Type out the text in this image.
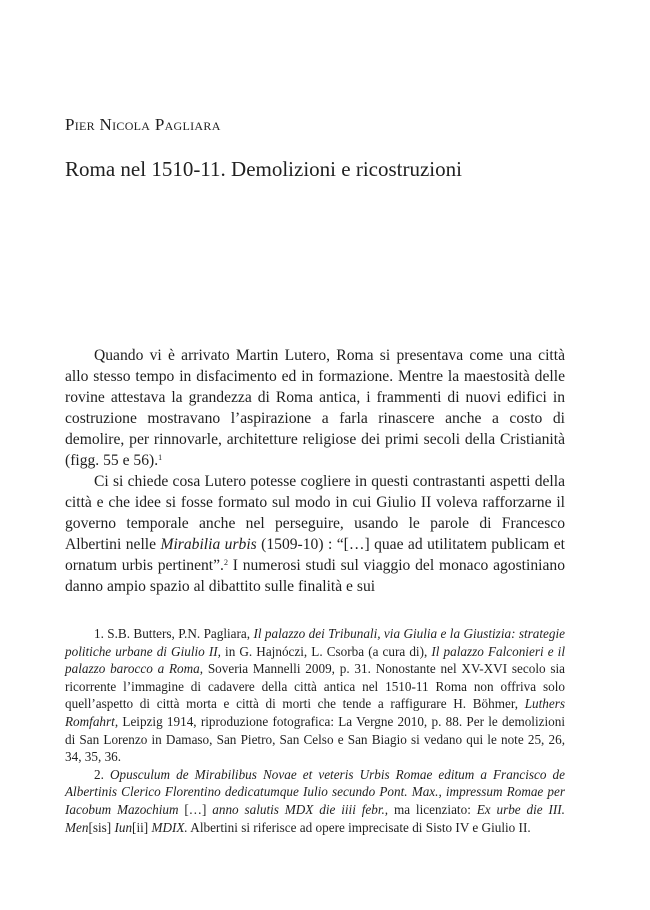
Pier Nicola Pagliara
Roma nel 1510-11. Demolizioni e ricostruzioni

Quando vi è arrivato Martin Lutero, Roma si presentava come una città allo stesso tempo in disfacimento ed in formazione. Mentre la maestosità delle rovine attestava la grandezza di Roma antica, i frammenti di nuovi edifici in costruzione mostravano l’aspirazione a farla rinascere anche a costo di demolire, per rinnovarle, architetture religiose dei primi secoli della Cristianità (figg. 55 e 56).$^1$

Ci si chiede cosa Lutero potesse cogliere in questi contrastanti aspetti della città e che idee si fosse formato sul modo in cui Giulio II voleva rafforzarne il governo temporale anche nel perseguire, usando le parole di Francesco Albertini nelle Mirabilia urbis (1509-10) : “[…] quae ad utilitatem publicam et ornatum urbis pertinent”.$^2$ I numerosi studi sul viaggio del monaco agostiniano danno ampio spazio al dibattito sulle finalità e sui

1. S.B. Butters, P.N. Pagliara, Il palazzo dei Tribunali, via Giulia e la Giustizia: strategie politiche urbane di Giulio II, in G. Hajnóczi, L. Csorba (a cura di), Il palazzo Falconieri e il palazzo barocco a Roma, Soveria Mannelli 2009, p. 31. Nonostante nel XV-XVI secolo sia ricorrente l’immagine di cadavere della città antica nel 1510-11 Roma non offriva solo quell’aspetto di città morta e città di morti che tende a raffigurare H. Böhmer, Luthers Romfahrt, Leipzig 1914, riproduzione fotografica: La Vergne 2010, p. 88. Per le demolizioni di San Lorenzo in Damaso, San Pietro, San Celso e San Biagio si vedano qui le note 25, 26, 34, 35, 36.

2. Opusculum de Mirabilibus Novae et veteris Urbis Romae editum a Francisco de Albertinis Clerico Florentino dedicatumque Iulio secundo Pont. Max., impressum Romae per Iacobum Mazochium […] anno salutis MDX die iiii febr., ma licenziato: Ex urbe die III. Men[sis] Iun[ii] MDIX. Albertini si riferisce ad opere imprecisate di Sisto IV e Giulio II.
